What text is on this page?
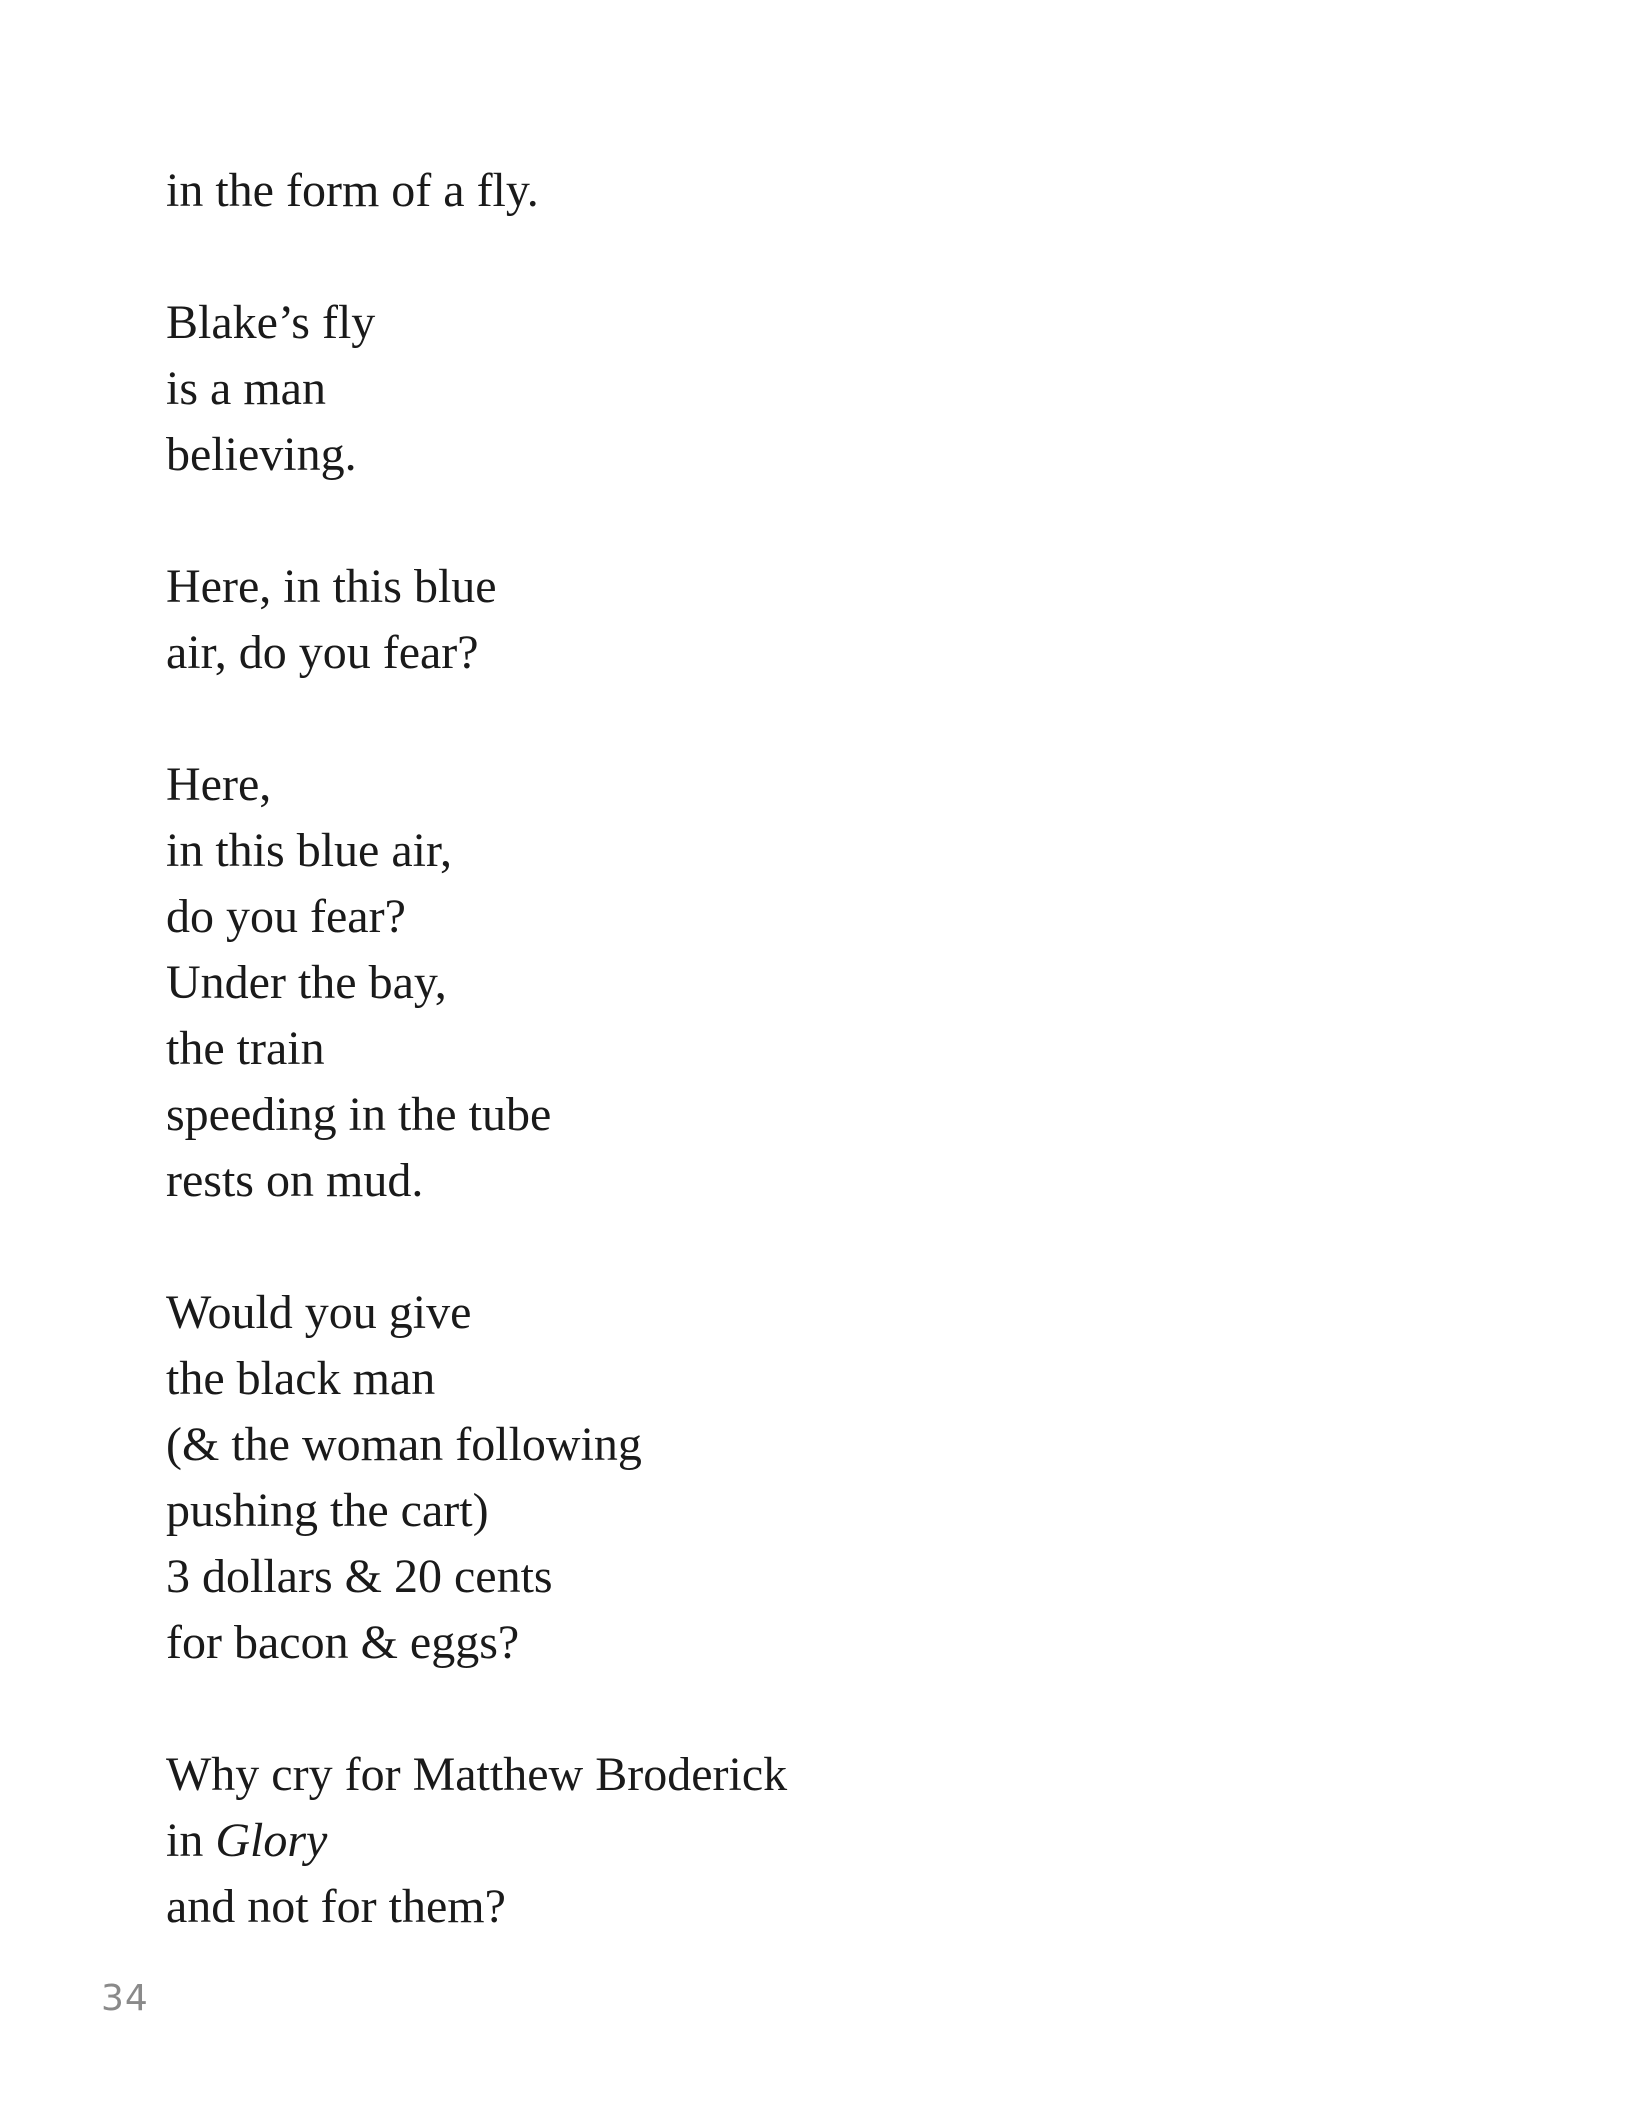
in the form of a fly.
Blake’s fly
is a man
believing.
Here, in this blue
air, do you fear?
Here,
in this blue air,
do you fear?
Under the bay,
the train
speeding in the tube
rests on mud.
Would you give
the black man
(& the woman following
pushing the cart)
3 dollars & 20 cents
for bacon & eggs?
Why cry for Matthew Broderick
in Glory
and not for them?
34
